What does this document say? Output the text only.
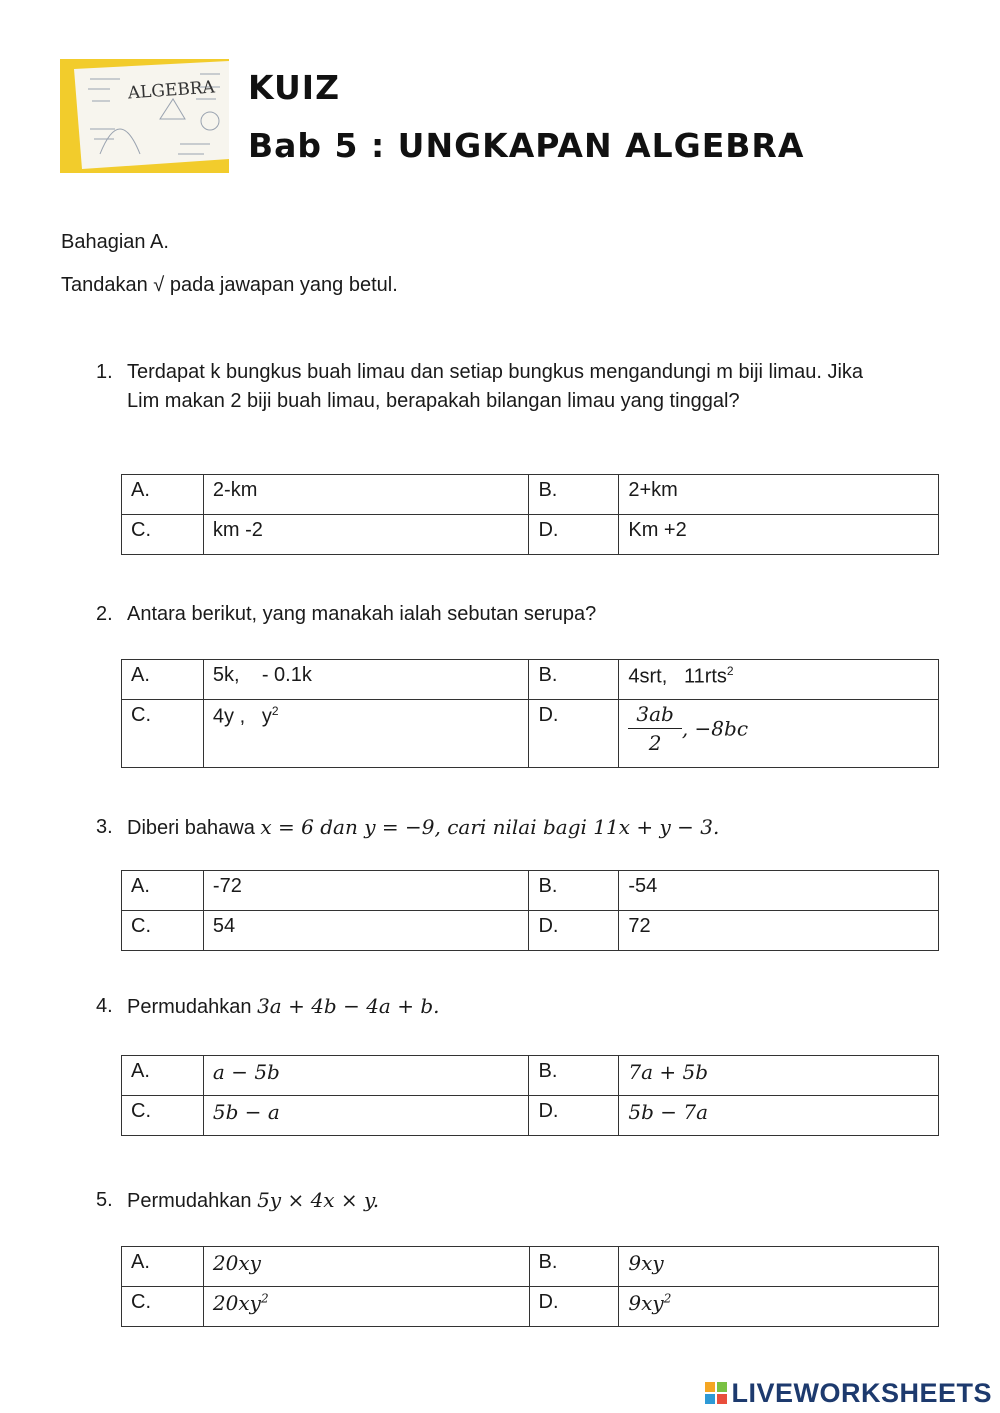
ALGEBRA KUIZ
Bab 5 : UNGKAPAN ALGEBRA
Bahagian A.
Tandakan √ pada jawapan yang betul.
1. Terdapat k bungkus buah limau dan setiap bungkus mengandungi m biji limau. Jika Lim makan 2 biji buah limau, berapakah bilangan limau yang tinggal?
A.	2-km	B.	2+km
C.	km -2	D.	Km +2
2. Antara berikut, yang manakah ialah sebutan serupa?
A.	5k,    - 0.1k	B.	4srt,   11rts$^2$
C.	4y ,   $y^2$	D.	$\frac{3ab}{2}$ , −8bc
3. Diberi bahawa x = 6 dan y = −9, cari nilai bagi 11x + y − 3.
A.	-72	B.	-54
C.	54	D.	72
4. Permudahkan 3a + 4b − 4a + b.
A.	a − 5b	B.	7a + 5b
C.	5b − a	D.	5b − 7a
5. Permudahkan 5y × 4x × y.
A.	20xy	B.	9xy
C.	$20xy^2$	D.	$9xy^2$
LIVEWORKSHEETS
